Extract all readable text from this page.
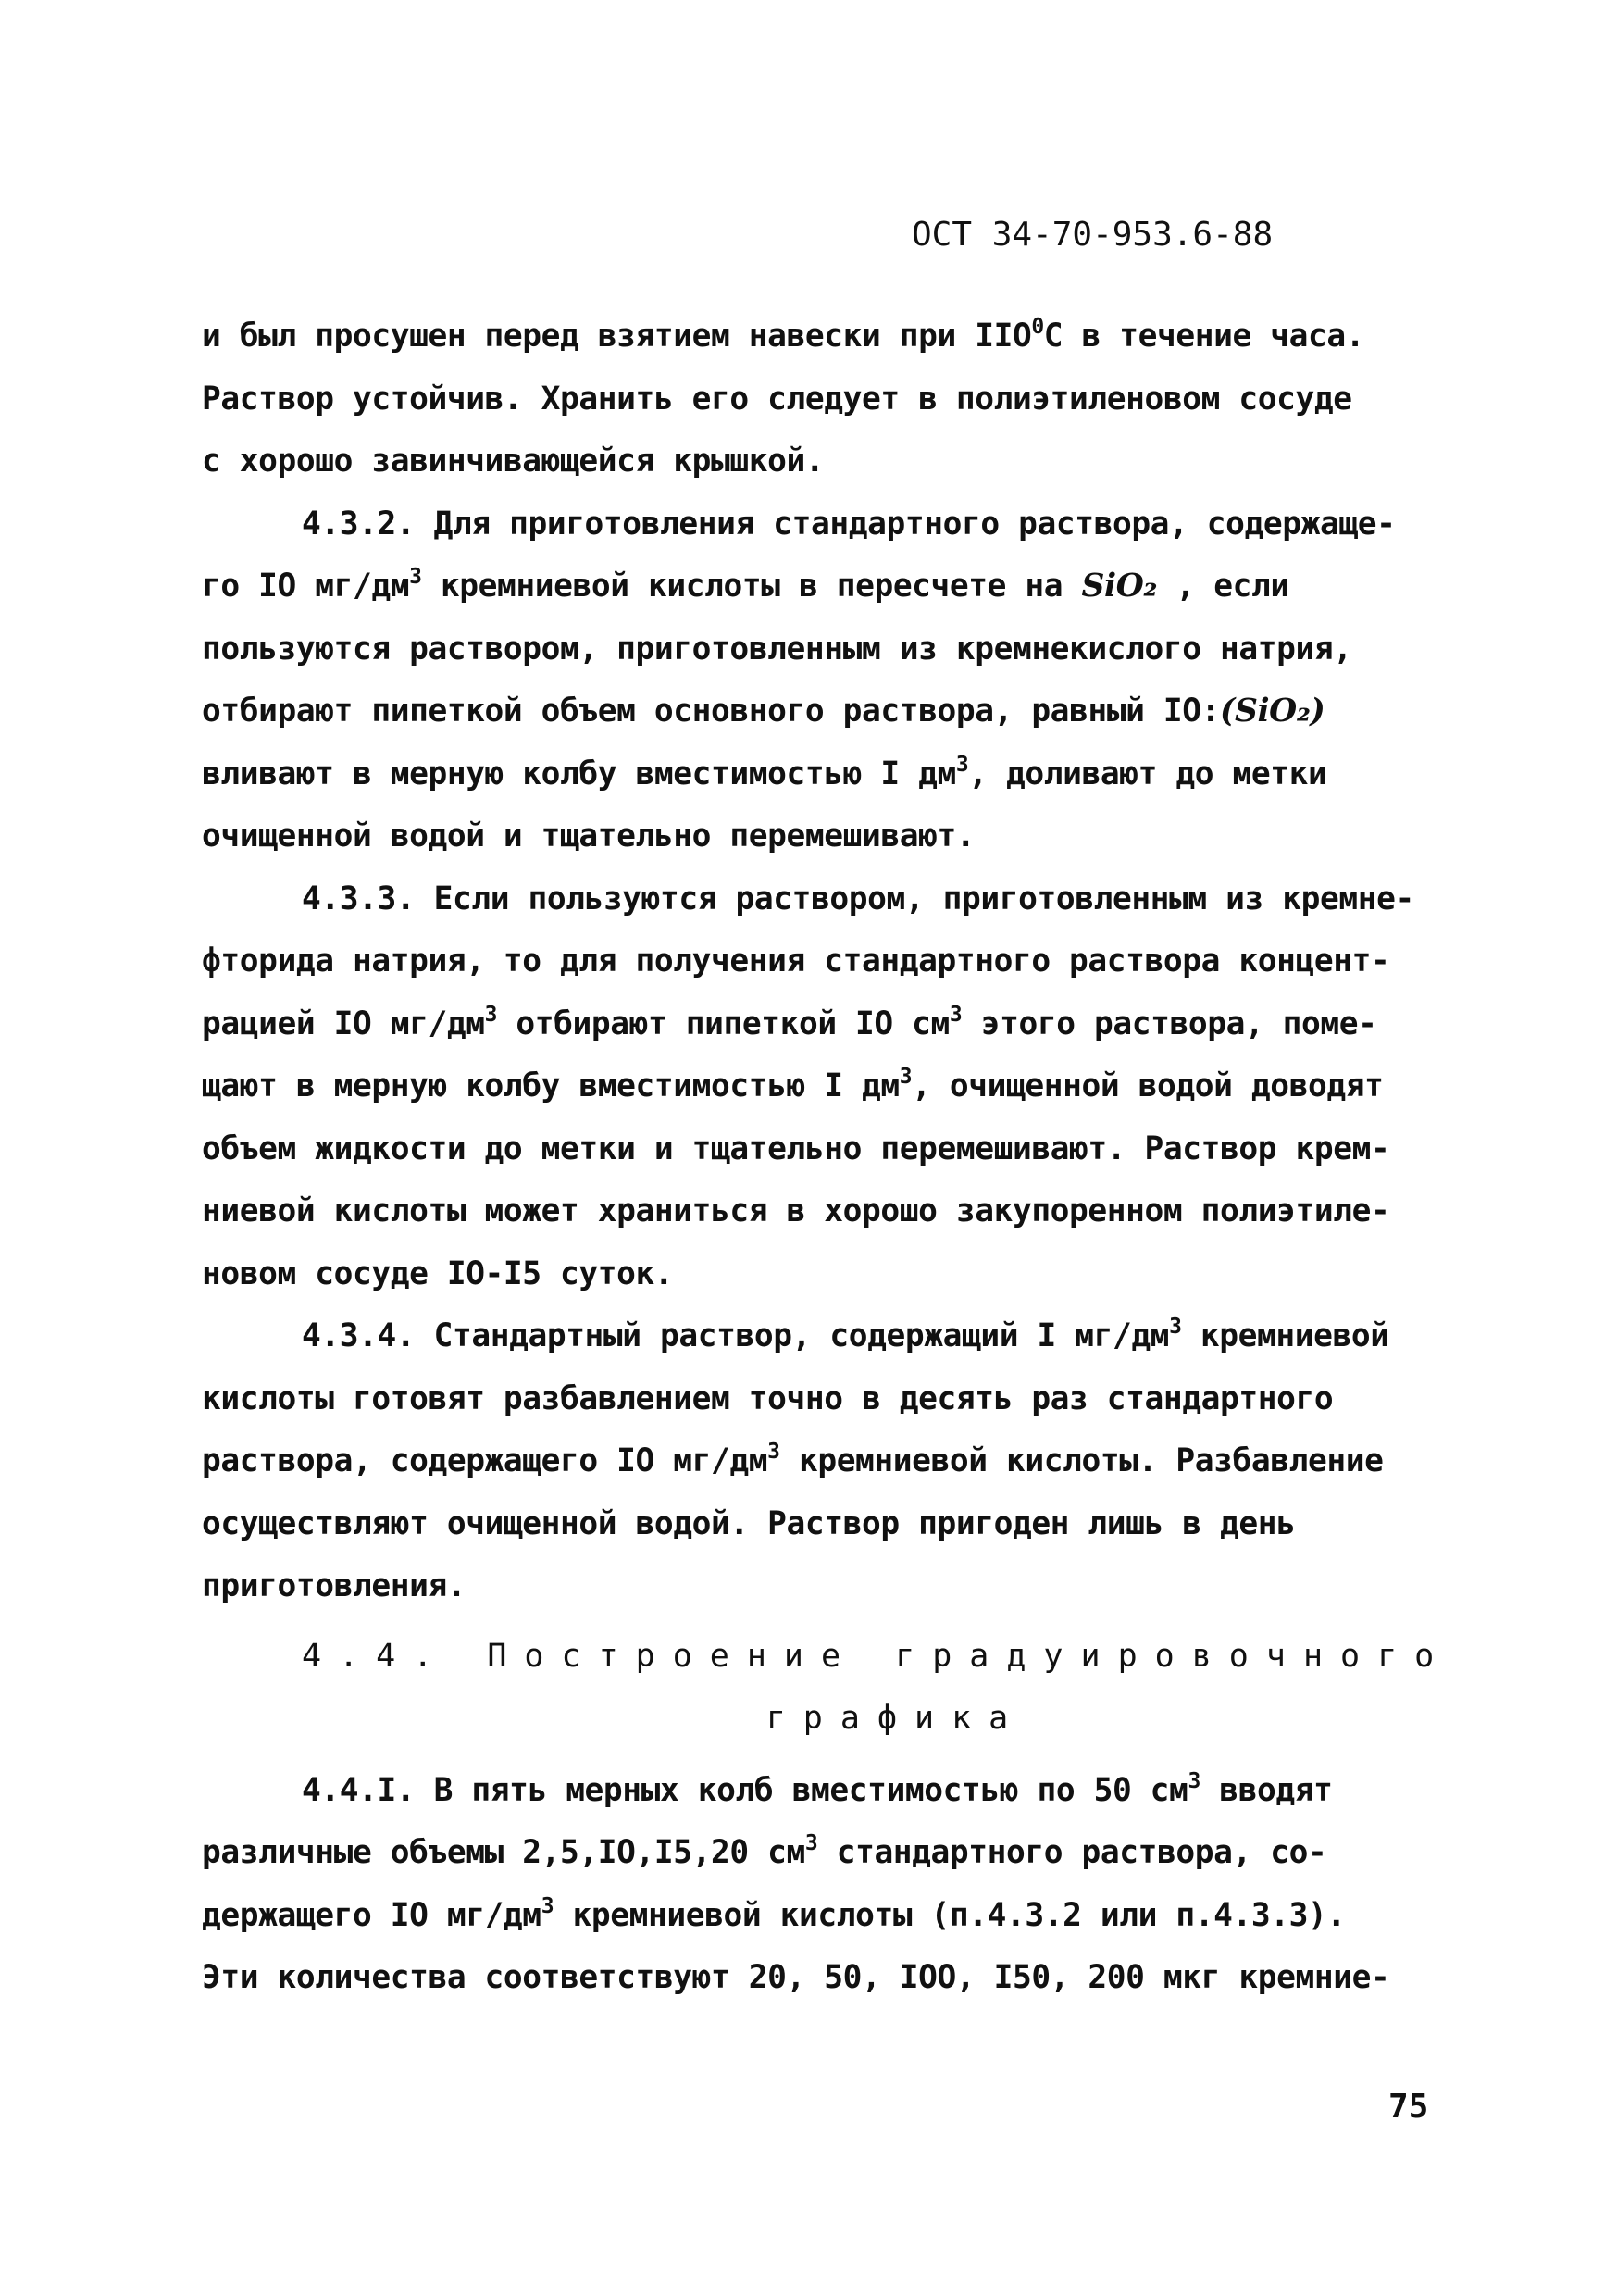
ОСТ 34-70-953.6-88
и был просушен перед взятием навески при IIO$^0$С в течение часа.
Раствор устойчив. Хранить его следует в полиэтиленовом сосуде
с хорошо завинчивающейся крышкой.
4.3.2. Для приготовления стандартного раствора, содержаще-
го IO $мг/дм^3$ кремниевой кислоты в пересчете на SiO₂ , если
пользуются раствором, приготовленным из кремнекислого натрия,
отбирают пипеткой объем основного раствора, равный IO:(SiO₂)
вливают в мерную колбу вместимостью I $дм^3$, доливают до метки
очищенной водой и тщательно перемешивают.
4.3.3. Если пользуются раствором, приготовленным из кремне-
фторида натрия, то для получения стандартного раствора концент-
рацией IO $мг/дм^3$ отбирают пипеткой IO $см^3$ этого раствора, поме-
щают в мерную колбу вместимостью I $дм^3$, очищенной водой доводят
объем жидкости до метки и тщательно перемешивают. Раствор крем-
ниевой кислоты может храниться в хорошо закупоренном полиэтиле-
новом сосуде IO-I5 суток.
4.3.4. Стандартный раствор, содержащий I $мг/дм^3$ кремниевой
кислоты готовят разбавлением точно в десять раз стандартного
раствора, содержащего IO $мг/дм^3$ кремниевой кислоты. Разбавление
осуществляют очищенной водой. Раствор пригоден лишь в день
приготовления.
4.4. Построение градуировочного
графика
4.4.I. В пять мерных колб вместимостью по 50 $см^3$ вводят
различные объемы 2,5,IO,I5,20 $см^3$ стандартного раствора, со-
держащего IO $мг/дм^3$ кремниевой кислоты (п.4.3.2 или п.4.3.3).
Эти количества соответствуют 20, 50, IOO, I50, 200 мкг кремние-
75
